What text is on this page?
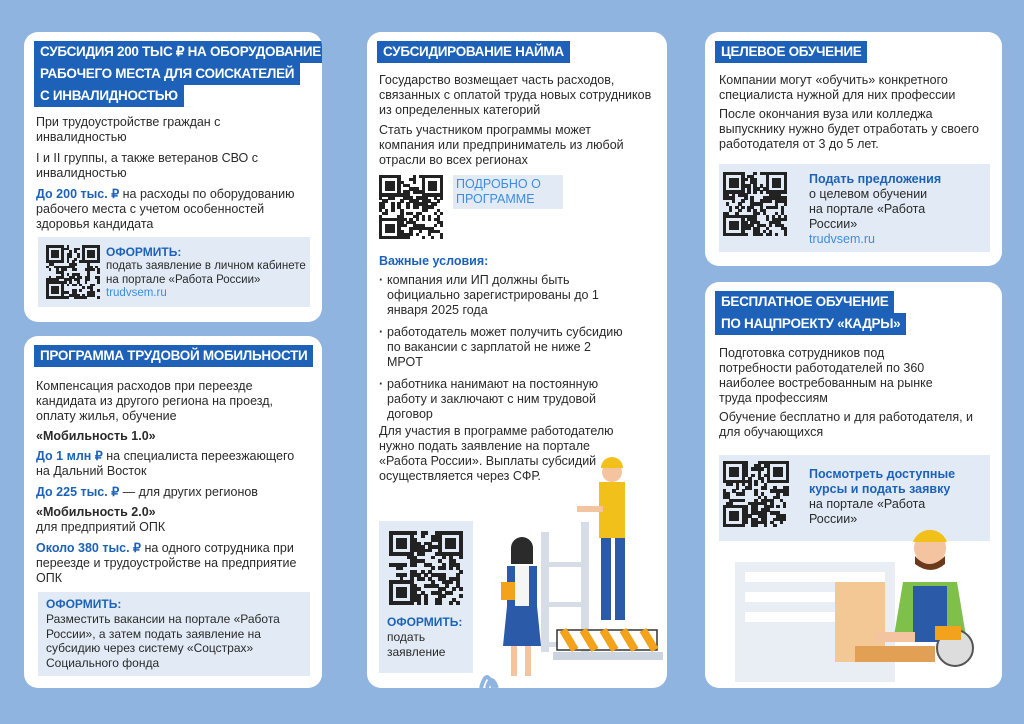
СУБСИДИЯ 200 ТЫС ₽ НА ОБОРУДОВАНИЕ
РАБОЧЕГО МЕСТА ДЛЯ СОИСКАТЕЛЕЙ
С ИНВАЛИДНОСТЬЮ

При трудоустройстве граждан с инвалидностью

I и II группы, а также ветеранов СВО с инвалидностью

До 200 тыс. ₽ на расходы по оборудованию рабочего места с учетом особенностей здоровья кандидата

ОФОРМИТЬ:

подать заявление в личном кабинете на портале «Работа России» trudvsem.ru

ПРОГРАММА ТРУДОВОЙ МОБИЛЬНОСТИ

Компенсация расходов при переезде кандидата из другого региона на проезд, оплату жилья, обучение

«Мобильность 1.0»

До 1 млн ₽ на специалиста переезжающего на Дальний Восток

До 225 тыс. ₽ — для других регионов

«Мобильность 2.0»

для предприятий ОПК

Около 380 тыс. ₽ на одного сотрудника при переезде и трудоустройстве на предприятие ОПК

ОФОРМИТЬ:

Разместить вакансии на портале «Работа России», а затем подать заявление на субсидию через систему «Соцстрах» Социального фонда

СУБСИДИРОВАНИЕ НАЙМА

Государство возмещает часть расходов, связанных с оплатой труда новых сотрудников из определенных категорий

Стать участником программы может компания или предприниматель из любой отрасли во всех регионах

ПОДРОБНО О ПРОГРАММЕ

Важные условия:

· компания или ИП должны быть официально зарегистрированы до 1 января 2025 года
· работодатель может получить субсидию по вакансии с зарплатой не ниже 2 МРОТ
· работника нанимают на постоянную работу и заключают с ним трудовой договор

Для участия в программе работодателю нужно подать заявление на портале «Работа России». Выплаты субсидий осуществляется через СФР.

ОФОРМИТЬ:

подать заявление

ЦЕЛЕВОЕ ОБУЧЕНИЕ

Компании могут «обучить» конкретного специалиста нужной для них профессии

После окончания вуза или колледжа выпускнику нужно будет отработать у своего работодателя от 3 до 5 лет.

Подать предложения

о целевом обучении на портале «Работа России»

trudvsem.ru

БЕСПЛАТНОЕ ОБУЧЕНИЕ
ПО НАЦПРОЕКТУ «КАДРЫ»

Подготовка сотрудников под потребности работодателей по 360 наиболее востребованным на рынке труда профессиям

Обучение бесплатно и для работодателя, и для обучающихся

Посмотреть доступные курсы и подать заявку

на портале «Работа России»
